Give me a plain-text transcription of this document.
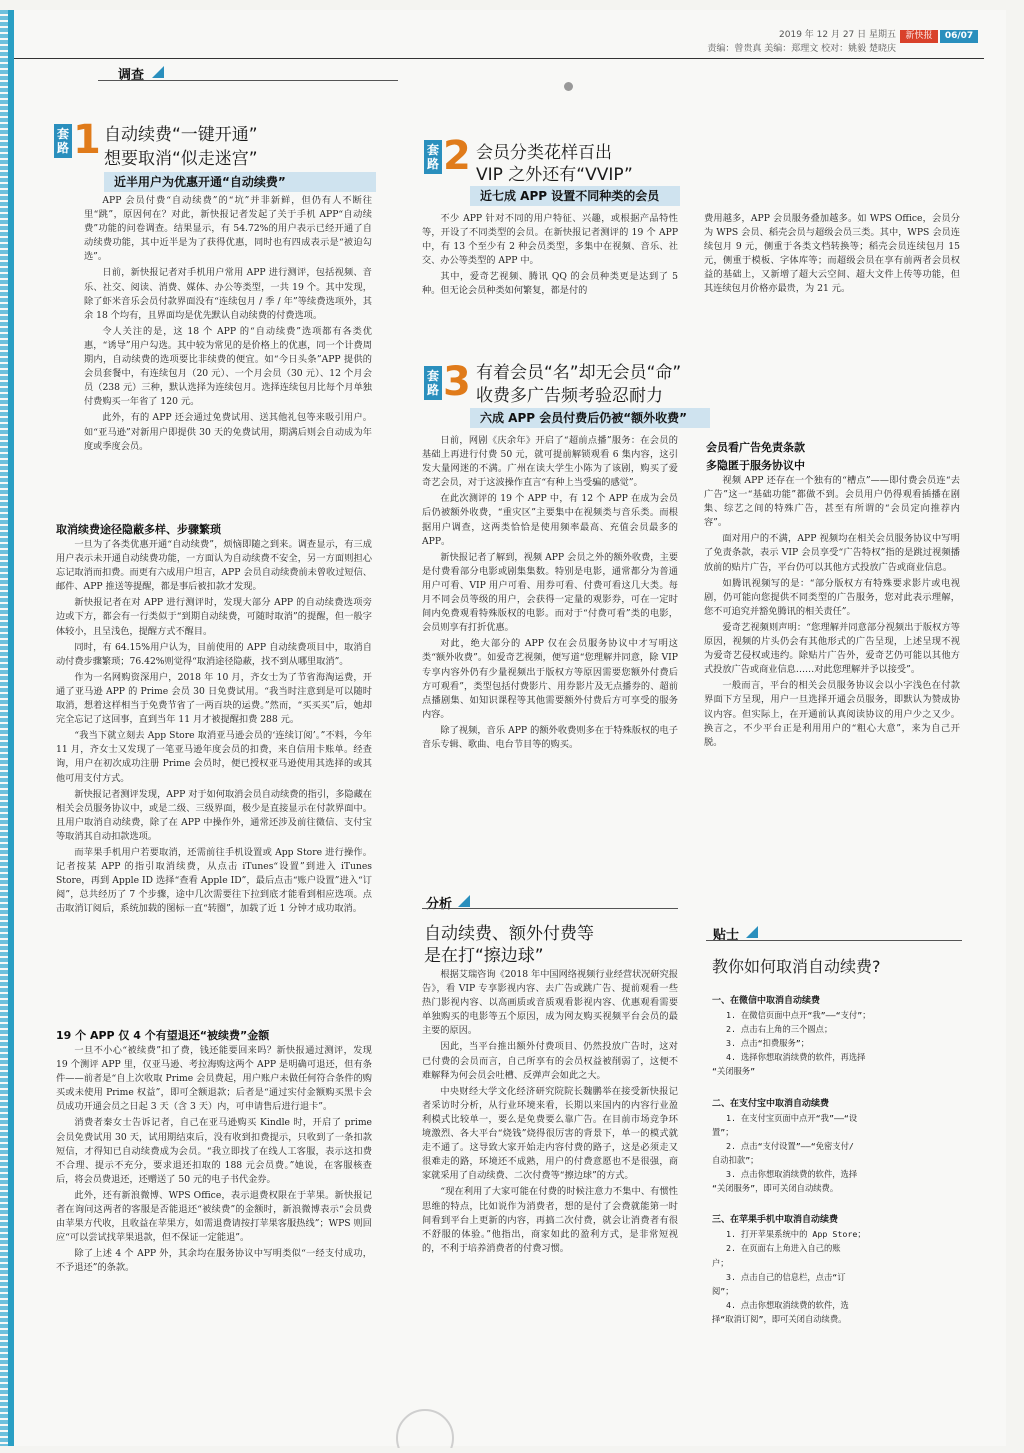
2019 年 12 月 27 日 星期五
责编：曾贵真 美编：郑理文 校对：姚毅 楚晓庆
新快报	06/07
调查
套路 1 自动续费“一键开通”
想要取消“似走迷宫”
近半用户为优惠开通“自动续费”

APP 会员付费“自动续费”的“坑”并非新鲜，但仍有人不断往里“跳”，原因何在？对此，新快报记者发起了关于手机 APP“自动续费”功能的问卷调查。结果显示，有 54.72%的用户表示已经开通了自动续费功能，其中近半是为了获得优惠，同时也有四成表示是“被迫勾选”。

日前，新快报记者对手机用户常用 APP 进行测评，包括视频、音乐、社交、阅读、消费、媒体、办公等类型，一共 19 个。其中发现，除了虾米音乐会员付款界面没有“连续包月 / 季 / 年”等续费选项外，其余 18 个均有，且界面均是优先默认自动续费的付费选项。

令人关注的是，这 18 个 APP 的“自动续费”选项都有各类优惠，“诱导”用户勾选。其中较为常见的是价格上的优惠，同一个计费周期内，自动续费的选项要比非续费的便宜。如“今日头条”APP 提供的会员套餐中，有连续包月（20 元）、一个月会员（30 元）、12 个月会员（238 元）三种，默认选择为连续包月。选择连续包月比每个月单独付费购买一年省了 120 元。

此外，有的 APP 还会通过免费试用、送其他礼包等来吸引用户。如“亚马逊”对新用户即提供 30 天的免费试用，期满后则会自动成为年度或季度会员。

取消续费途径隐蔽多样、步骤繁琐

一旦为了各类优惠开通“自动续费”，烦恼即随之到来。调查显示，有三成用户表示未开通自动续费功能，一方面认为自动续费不安全，另一方面则担心忘记取消而扣费。而更有六成用户坦言，APP 会员自动续费前未曾收过短信、邮件、APP 推送等提醒，都是事后被扣款才发现。

新快报记者在对 APP 进行测评时，发现大部分 APP 的自动续费选项旁边或下方，都会有一行类似于“到期自动续费，可随时取消”的提醒，但一般字体较小，且呈浅色，提醒方式不醒目。

同时，有 64.15%用户认为，目前使用的 APP 自动续费项目中，取消自动付费步骤繁琐；76.42%则觉得“取消途径隐蔽，找不到从哪里取消”。

作为一名网购资深用户，2018 年 10 月，齐女士为了节省海淘运费，开通了亚马逊 APP 的 Prime 会员 30 日免费试用。“我当时注意到是可以随时取消，想着这样相当于免费节省了一两百块的运费。”然而，“买买买”后，她却完全忘记了这回事，直到当年 11 月才被提醒扣费 288 元。

“我当下就立刻去 App Store 取消亚马逊会员的‘连续订阅’。”不料，今年 11 月，齐女士又发现了一笔亚马逊年度会员的扣费，来自信用卡账单。经查询，用户在初次成功注册 Prime 会员时，便已授权亚马逊使用其选择的或其他可用支付方式。

新快报记者测评发现，APP 对于如何取消会员自动续费的指引，多隐藏在相关会员服务协议中，或是二级、三级界面，极少是直接显示在付款界面中。且用户取消自动续费，除了在 APP 中操作外，通常还涉及前往微信、支付宝等取消其自动扣款选项。

而苹果手机用户若要取消，还需前往手机设置或 App Store 进行操作。记者按某 APP 的指引取消续费，从点击 iTunes“设置”到进入 iTunes Store，再到 Apple ID 选择“查看 Apple ID”，最后点击“账户设置”进入“订阅”，总共经历了 7 个步骤，途中几次需要往下拉到底才能看到相应选项。点击取消订阅后，系统加载的图标一直“转圈”，加载了近 1 分钟才成功取消。

19 个 APP 仅 4 个有望退还“被续费”金额

一旦不小心“被续费”扣了费，钱还能要回来吗？新快报通过测评，发现 19 个测评 APP 里，仅亚马逊、考拉海购这两个 APP 是明确可退还，但有条件——前者是“自上次收取 Prime 会员费起，用户账户未做任何符合条件的购买或未使用 Prime 权益”，即可全额退款；后者是“通过实付金额购买黑卡会员成功开通会员之日起 3 天（含 3 天）内，可申请售后进行退卡”。

消费者秦女士告诉记者，自己在亚马逊购买 Kindle 时，开启了 prime 会员免费试用 30 天，试用期结束后，没有收到扣费提示，只收到了一条扣款短信，才得知已自动续费成为会员。“我立即找了在线人工客服，表示这扣费不合理、提示不充分，要求退还扣取的 188 元会员费。”她说，在客服核查后，将会员费退还，还赠送了 50 元的电子书代金券。

此外，还有新浪微博、WPS Office，表示退费权限在于苹果。新快报记者在询问这两者的客服是否能退还“被续费”的金额时，新浪微博表示“会员费由苹果方代收，且收益在苹果方，如需退费请按打苹果客服热线”；WPS 则回应“可以尝试找苹果退款，但不保证一定能退”。

除了上述 4 个 APP 外，其余均在服务协议中写明类似“一经支付成功，不予退还”的条款。

套路 2 会员分类花样百出
VIP 之外还有“VVIP”
近七成 APP 设置不同种类的会员

不少 APP 针对不同的用户特征、兴趣，或根据产品特性等，开设了不同类型的会员。在新快报记者测评的 19 个 APP 中，有 13 个至少有 2 种会员类型，多集中在视频、音乐、社交、办公等类型的 APP 中。

其中，爱奇艺视频、腾讯 QQ 的会员种类更是达到了 5 种。但无论会员种类如何繁复，都是付的

费用越多，APP 会员服务叠加越多。如 WPS Office，会员分为 WPS 会员、稻壳会员与超级会员三类。其中，WPS 会员连续包月 9 元，侧重于各类文档转换等；稻壳会员连续包月 15 元，侧重于模板、字体库等；而超级会员在享有前两者会员权益的基础上，又新增了超大云空间、超大文件上传等功能，但其连续包月价格亦最贵，为 21 元。

套路 3 有着会员“名”却无会员“命”
收费多广告频考验忍耐力
六成 APP 会员付费后仍被“额外收费”

日前，网剧《庆余年》开启了“超前点播”服务：在会员的基础上再进行付费 50 元，就可提前解锁观看 6 集内容，这引发大量网迷的不满。广州在读大学生小陈为了该剧，购买了爱奇艺会员，对于这波操作直言“有种上当受骗的感觉”。

在此次测评的 19 个 APP 中，有 12 个 APP 在成为会员后仍被额外收费，“重灾区”主要集中在视频类与音乐类。而根据用户调查，这两类恰恰是使用频率最高、充值会员最多的 APP。

新快报记者了解到，视频 APP 会员之外的额外收费，主要是付费看部分电影或剧集集数。特别是电影，通常都分为普通用户可看、VIP 用户可看、用券可看、付费可看这几大类。每月不同会员等级的用户，会获得一定量的观影券，可在一定时间内免费观看特殊版权的电影。而对于“付费可看”类的电影，会员则享有打折优惠。

对此，绝大部分的 APP 仅在会员服务协议中才写明这类“额外收费”。如爱奇艺视频，便写道“您理解并同意，除 VIP 专享内容外仍有少量视频出于版权方等原因需要您额外付费后方可观看”，类型包括付费影片、用券影片及无点播券的、超前点播剧集、如知识课程等其他需要额外付费后方可享受的服务内容。

除了视频，音乐 APP 的额外收费则多在于特殊版权的电子音乐专辑、歌曲、电台节目等的购买。

会员看广告免责条款
多隐匿于服务协议中

视频 APP 还存在一个独有的“槽点”——即付费会员连“去广告”这一“基础功能”都做不到。会员用户仍得观看插播在剧集、综艺之间的特殊广告，甚至有所谓的“会员定向推荐内容”。

面对用户的不满，APP 视频均在相关会员服务协议中写明了免责条款，表示 VIP 会员享受“广告特权”指的是跳过视频播放前的贴片广告，平台仍可以其他方式投放广告或商业信息。

如腾讯视频写的是：“部分版权方有特殊要求影片或电视剧，仍可能向您提供不同类型的广告服务，您对此表示理解，您不可追究并豁免腾讯的相关责任”。

爱奇艺视频则声明：“您理解并同意部分视频出于版权方等原因，视频的片头仍会有其他形式的广告呈现，上述呈现不视为爱奇艺侵权或违约。除贴片广告外，爱奇艺仍可能以其他方式投放广告或商业信息……对此您理解并予以接受”。

一般而言，平台的相关会员服务协议会以小字浅色在付款界面下方呈现，用户一旦选择开通会员服务，即默认为赞成协议内容。但实际上，在开通前认真阅读协议的用户少之又少。换言之，不少平台正是利用用户的“粗心大意”，来为自己开脱。

分析
自动续费、额外付费等
是在打“擦边球”

根据艾瑞咨询《2018 年中国网络视频行业经营状况研究报告》，看 VIP 专享影视内容、去广告或跳广告、提前观看一些热门影视内容、以高画质或音质观看影视内容、优惠观看需要单独购买的电影等五个原因，成为网友购买视频平台会员的最主要的原因。

因此，当平台推出额外付费项目、仍然投放广告时，这对已付费的会员而言，自己所享有的会员权益被削弱了，这便不难解释为何会员会吐槽、反弹声会如此之大。

中央财经大学文化经济研究院院长魏鹏举在接受新快报记者采访时分析，从行业环境来看，长期以来国内的内容行业盈利模式比较单一，要么是免费要么靠广告。在目前市场竞争环境激烈、各大平台“烧钱”烧得很厉害的背景下，单一的模式就走不通了。这导致大家开始走内容付费的路子，这是必须走又很难走的路，环境还不成熟，用户的付费意愿也不是很强，商家就采用了自动续费、二次付费等“擦边球”的方式。

“现在利用了大家可能在付费的时候注意力不集中、有惯性思维的特点，比如说作为消费者，想的是付了会费就能第一时间看到平台上更新的内容，再搞二次付费，就会让消费者有很不舒服的体验。”他指出，商家如此的盈利方式，是非常短视的，不利于培养消费者的付费习惯。

贴士
教你如何取消自动续费?
一、在微信中取消自动续费
1. 在微信页面中点开“我”——“支付”；
2. 点击右上角的三个圆点；
3. 点击“扣费服务”；
4. 选择你想取消续费的软件，再选择
“关闭服务”
二、在支付宝中取消自动续费
1. 在支付宝页面中点开“我”——“设
置”；
2. 点击“支付设置”——“免密支付/
自动扣款”；
3. 点击你想取消续费的软件，选择
“关闭服务”，即可关闭自动续费。
三、在苹果手机中取消自动续费
1. 打开苹果系统中的 App Store；
2. 在页面右上角进入自己的账
户；
3. 点击自己的信息栏，点击“订
阅”；
4. 点击你想取消续费的软件，选
择“取消订阅”，即可关闭自动续费。
